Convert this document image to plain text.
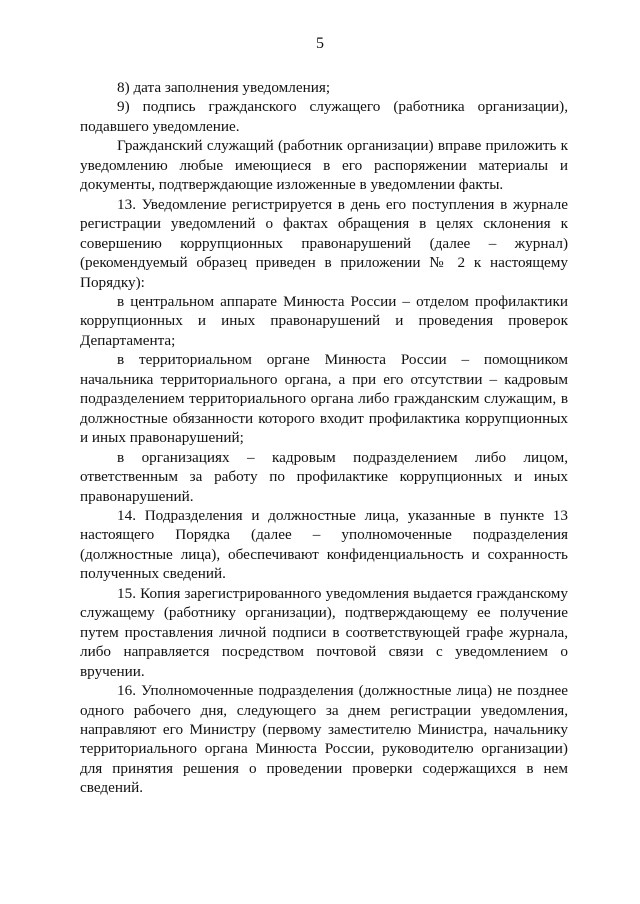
5

8) дата заполнения уведомления;

9) подпись гражданского служащего (работника организации), подавшего уведомление.

Гражданский служащий (работник организации) вправе приложить к уведомлению любые имеющиеся в его распоряжении материалы и документы, подтверждающие изложенные в уведомлении факты.

13. Уведомление регистрируется в день его поступления в журнале регистрации уведомлений о фактах обращения в целях склонения к совершению коррупционных правонарушений (далее – журнал) (рекомендуемый образец приведен в приложении № 2 к настоящему Порядку):

в центральном аппарате Минюста России – отделом профилактики коррупционных и иных правонарушений и проведения проверок Департамента;

в территориальном органе Минюста России – помощником начальника территориального органа, а при его отсутствии – кадровым подразделением территориального органа либо гражданским служащим, в должностные обязанности которого входит профилактика коррупционных и иных правонарушений;

в организациях – кадровым подразделением либо лицом, ответственным за работу по профилактике коррупционных и иных правонарушений.

14. Подразделения и должностные лица, указанные в пункте 13 настоящего Порядка (далее – уполномоченные подразделения (должностные лица), обеспечивают конфиденциальность и сохранность полученных сведений.

15. Копия зарегистрированного уведомления выдается гражданскому служащему (работнику организации), подтверждающему ее получение путем проставления личной подписи в соответствующей графе журнала, либо направляется посредством почтовой связи с уведомлением о вручении.

16. Уполномоченные подразделения (должностные лица) не позднее одного рабочего дня, следующего за днем регистрации уведомления, направляют его Министру (первому заместителю Министра, начальнику территориального органа Минюста России, руководителю организации) для принятия решения о проведении проверки содержащихся в нем сведений.
